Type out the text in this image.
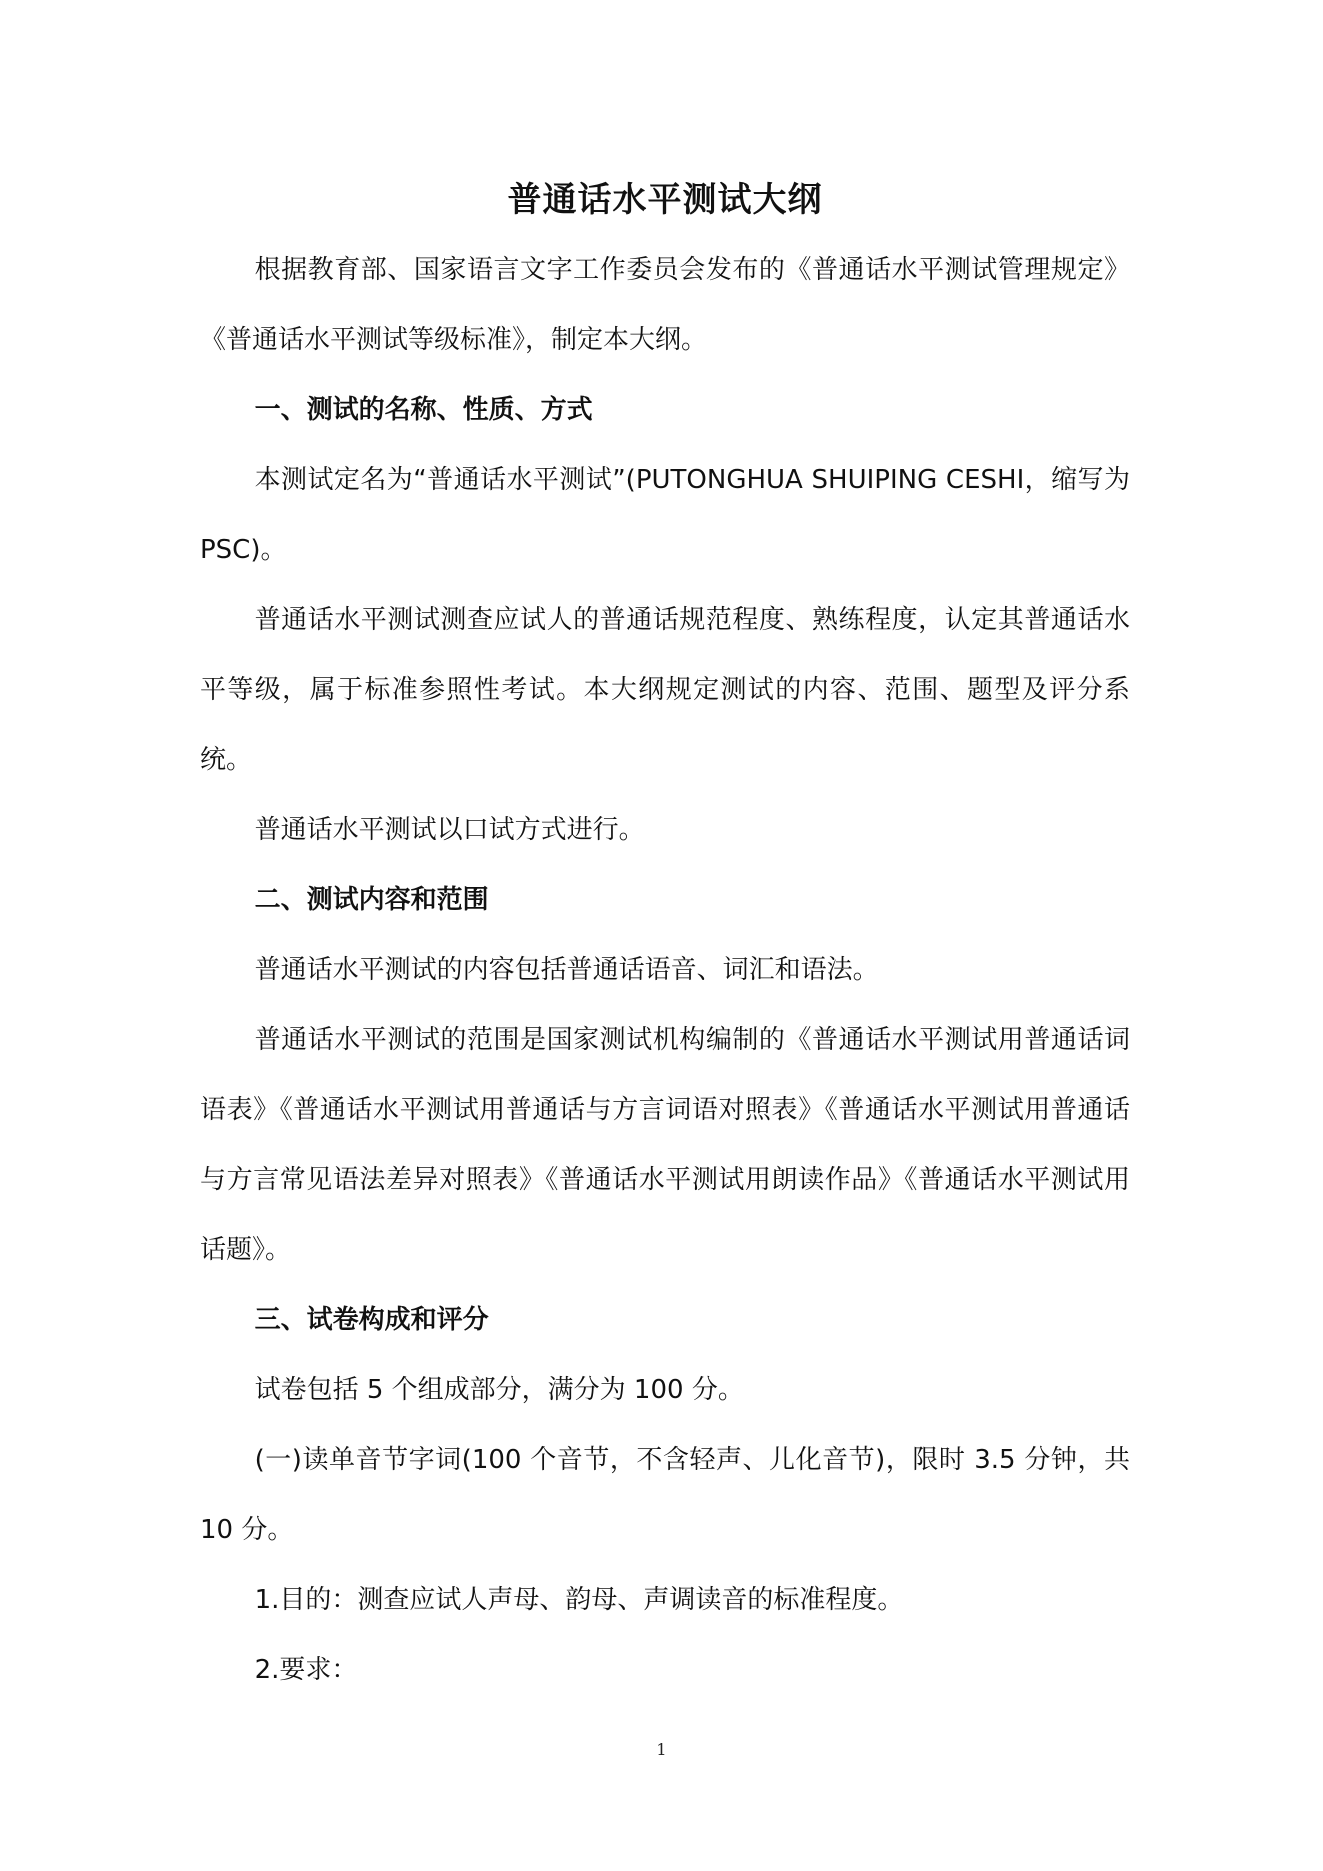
普通话水平测试大纲

根据教育部、国家语言文字工作委员会发布的《普通话水平测试管理规定》《普通话水平测试等级标准》，制定本大纲。

一、测试的名称、性质、方式

本测试定名为“普通话水平测试”(PUTONGHUA SHUIPING CESHI，缩写为 PSC)。

普通话水平测试测查应试人的普通话规范程度、熟练程度，认定其普通话水平等级，属于标准参照性考试。本大纲规定测试的内容、范围、题型及评分系统。

普通话水平测试以口试方式进行。

二、测试内容和范围

普通话水平测试的内容包括普通话语音、词汇和语法。

普通话水平测试的范围是国家测试机构编制的《普通话水平测试用普通话词语表》《普通话水平测试用普通话与方言词语对照表》《普通话水平测试用普通话与方言常见语法差异对照表》《普通话水平测试用朗读作品》《普通话水平测试用话题》。

三、试卷构成和评分

试卷包括 5 个组成部分，满分为 100 分。

(一)读单音节字词(100 个音节，不含轻声、儿化音节)，限时 3.5 分钟，共 10 分。

1.目的：测查应试人声母、韵母、声调读音的标准程度。

2.要求：

1
